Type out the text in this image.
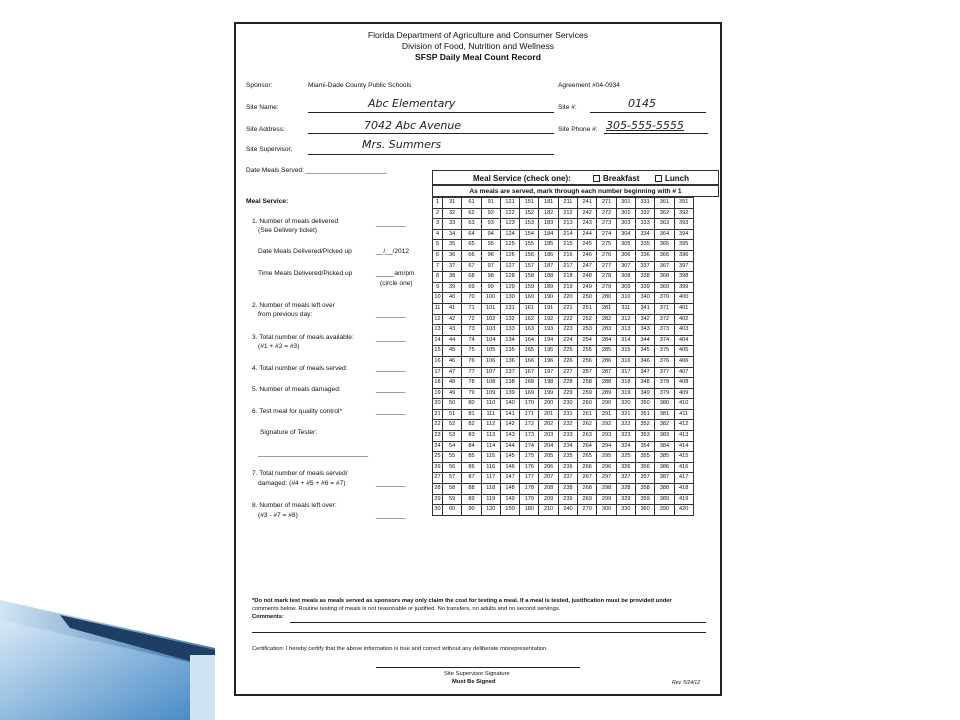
Florida Department of Agriculture and Consumer Services
Division of Food, Nutrition and Wellness
SFSP Daily Meal Count Record
Sponsor:	Miami-Dade County Public Schools	Agreement #04-0934
Site Name:	Abc Elementary	Site #:	0145
Site Address:	7042 Abc Avenue	Site Phone #: 305-555-5555
Site Supervisor:	Mrs. Summers
Date Meals Served: ______________________
Meal Service (check one):	Breakfast	Lunch
As meals are served, mark through each number beginning with # 1
1	31	61	91	121	151	181	211	241	271	301	331	361	391
2	32	62	92	122	152	182	212	242	272	302	332	362	392
3	33	63	93	123	153	183	213	243	273	303	333	363	393
4	34	64	94	124	154	184	214	244	274	304	334	364	394
5	35	65	95	125	155	185	215	245	275	305	335	365	395
6	36	66	96	126	156	186	216	246	276	306	336	366	396
7	37	67	97	127	157	187	217	247	277	307	337	367	397
8	38	68	98	128	158	188	218	248	278	308	338	368	398
9	39	69	99	129	159	189	219	249	279	309	339	369	399
10	40	70	100	130	160	190	220	250	280	310	340	370	400
11	41	71	101	131	161	191	221	251	281	311	341	371	401
12	42	72	102	132	162	192	222	252	282	312	342	372	402
13	43	73	103	133	163	193	223	253	283	313	343	373	403
14	44	74	104	134	164	194	224	254	284	314	344	374	404
15	45	75	105	135	165	195	225	255	285	315	345	375	405
16	46	76	106	136	166	196	226	256	286	316	346	376	406
17	47	77	107	137	167	197	227	257	287	317	347	377	407
18	48	78	108	138	168	198	228	258	288	318	348	378	408
19	49	79	109	139	169	199	229	259	289	319	349	379	409
20	50	80	110	140	170	200	230	260	290	320	350	380	410
21	51	81	111	141	171	201	231	261	291	321	351	381	411
22	52	82	112	142	172	202	232	262	292	322	352	382	412
23	53	83	113	143	173	203	233	263	293	323	353	383	413
24	54	84	114	144	174	204	234	264	294	324	354	384	414
25	55	85	115	145	175	205	235	265	295	325	355	385	415
26	56	86	116	146	176	206	236	266	296	326	356	386	416
27	57	87	117	147	177	207	237	267	297	327	357	387	417
28	58	88	118	148	178	208	238	268	298	328	358	388	418
29	59	89	119	149	179	209	239	269	299	329	359	389	419
30	60	90	120	150	180	210	240	270	300	330	360	390	420
Meal Service:
1. Number of meals delivered
(See Delivery ticket)
________
Date Meals Delivered/Picked up	__/__/2012
Time Meals Delivered/Picked up	_____am/pm
(circle one)
2. Number of meals left over
from previous day:	________
3. Total number of meals available:
(#1 + #2 = #3)
________
4. Total number of meals served:	________
5. Number of meals damaged:	________
6. Test meal for quality control*	________
Signature of Tester:
______________________________
7. Total number of meals served/
damaged: (#4 + #5 + #6 = #7)	________
8. Number of meals left over:
(#3 - #7 = #8)	________
*Do not mark test meals as meals served as sponsors may only claim the cost for testing a meal. If a meal is tested, justification must be provided under
comments below. Routine testing of meals is not reasonable or justified. No transfers, no adults and no second servings.
Comments:
Certification: I hereby certify that the above information is true and correct without any deliberate misrepresentation.
Site Supervisor Signature
Must Be Signed	Rev. 5/24/12
